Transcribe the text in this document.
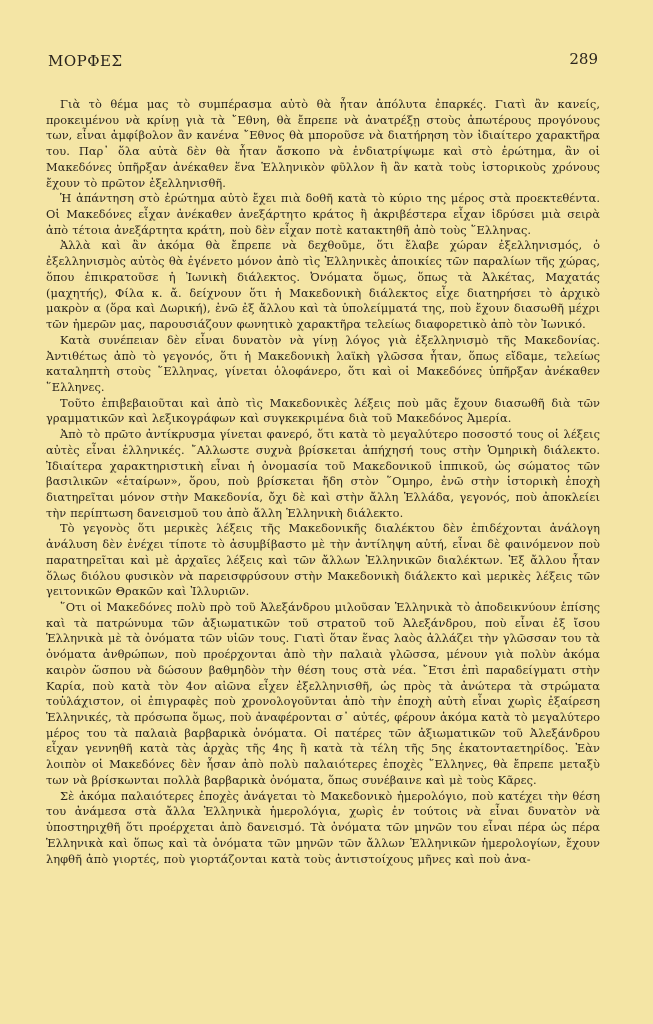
ΜΟΡΦΕΣ	289

Γιὰ τὸ θέμα μας τὸ συμπέρασμα αὐτὸ θὰ ἦταν ἀπόλυτα ἐπαρκές. Γιατὶ ἂν κανείς, προκειμένου νὰ κρίνῃ γιὰ τὰ ῎Εθνη, θὰ ἔπρεπε νὰ ἀνατρέξῃ στοὺς ἀπωτέρους προγόνους των, εἶναι ἀμφίβολον ἂν κανένα ῎Εθνος θὰ μποροῦσε νὰ διατήρηση τὸν ἰδιαίτερο χαρακτῆρα του. Παρ᾿ ὅλα αὐτὰ δὲν θὰ ἦταν ἄσκοπο νὰ ἐνδιατρίψωμε καὶ στὸ ἐρώτημα, ἂν οἱ Μακεδόνες ὑπῆρξαν ἀνέκαθεν ἕνα Ἑλληνικὸν φῦλλον ἢ ἂν κατὰ τοὺς ἱστορικοὺς χρόνους ἔχουν τὸ πρῶτον ἐξελληνισθῆ.

Ἡ ἀπάντηση στὸ ἐρώτημα αὐτὸ ἔχει πιὰ δοθῆ κατὰ τὸ κύριο της μέρος στὰ προεκτεθέντα. Οἱ Μακεδόνες εἶχαν ἀνέκαθεν ἀνεξάρτητο κράτος ἢ ἀκριβέστερα εἶχαν ἱδρύσει μιὰ σειρὰ ἀπὸ τέτοια ἀνεξάρτητα κράτη, ποὺ δὲν εἶχαν ποτὲ κατακτηθῆ ἀπὸ τοὺς ῞Ελληνας.

Ἀλλὰ καὶ ἂν ἀκόμα θὰ ἔπρεπε νὰ δεχθοῦμε, ὅτι ἔλαβε χώραν ἐξελληνισμός, ὁ ἐξελληνισμὸς αὐτὸς θὰ ἐγένετο μόνον ἀπὸ τὶς Ἑλληνικὲς ἀποικίες τῶν παραλίων τῆς χώρας, ὅπου ἐπικρατοῦσε ἡ Ἰωνικὴ διάλεκτος. Ὀνόματα ὅμως, ὅπως τὰ Ἀλκέτας, Μαχατάς (μαχητής), Φίλα κ. ἄ. δείχνουν ὅτι ἡ Μακεδονικὴ διάλεκτος εἶχε διατηρήσει τὸ ἀρχικὸ μακρὸν α (ὅρα καὶ Δωρική), ἐνῶ ἐξ ἄλλου καὶ τὰ ὑπολείμματά της, ποὺ ἔχουν διασωθῆ μέχρι τῶν ἡμερῶν μας, παρουσιάζουν φωνητικὸ χαρακτῆρα τελείως διαφορετικὸ ἀπὸ τὸν Ἰωνικό.

Κατὰ συνέπειαν δὲν εἶναι δυνατὸν νὰ γίνῃ λόγος γιὰ ἐξελληνισμὸ τῆς Μακεδονίας. Ἀντιθέτως ἀπὸ τὸ γεγονός, ὅτι ἡ Μακεδονικὴ λαϊκὴ γλῶσσα ἦταν, ὅπως εἴδαμε, τελείως καταληπτὴ στοὺς ῞Ελληνας, γίνεται ὁλοφάνερο, ὅτι καὶ οἱ Μακεδόνες ὑπῆρξαν ἀνέκαθεν ῞Ελληνες.

Τοῦτο ἐπιβεβαιοῦται καὶ ἀπὸ τὶς Μακεδονικὲς λέξεις ποὺ μᾶς ἔχουν διασωθῆ διὰ τῶν γραμματικῶν καὶ λεξικογράφων καὶ συγκεκριμένα διὰ τοῦ Μακεδόνος Ἀμερία.

Ἀπὸ τὸ πρῶτο ἀντίκρυσμα γίνεται φανερό, ὅτι κατὰ τὸ μεγαλύτερο ποσοστό τους οἱ λέξεις αὐτὲς εἶναι ἑλληνικές. ῎Αλλωστε συχνὰ βρίσκεται ἀπήχησή τους στὴν Ὁμηρικὴ διάλεκτο. Ἰδιαίτερα χαρακτηριστικὴ εἶναι ἡ ὀνομασία τοῦ Μακεδονικοῦ ἱππικοῦ, ὡς σώματος τῶν βασιλικῶν «ἑταίρων», ὅρου, ποὺ βρίσκεται ἤδη στὸν ῞Ομηρο, ἐνῶ στὴν ἱστορικὴ ἐποχὴ διατηρεῖται μόνον στὴν Μακεδονία, ὄχι δὲ καὶ στὴν ἄλλη Ἑλλάδα, γεγονός, ποὺ ἀποκλείει τὴν περίπτωση δανεισμοῦ του ἀπὸ ἄλλη Ἑλληνικὴ διάλεκτο.

Τὸ γεγονὸς ὅτι μερικὲς λέξεις τῆς Μακεδονικῆς διαλέκτου δὲν ἐπιδέχονται ἀνάλογη ἀνάλυση δὲν ἐνέχει τίποτε τὸ ἀσυμβίβαστο μὲ τὴν ἀντίληψη αὐτή, εἶναι δὲ φαινόμενον ποὺ παρατηρεῖται καὶ μὲ ἀρχαῖες λέξεις καὶ τῶν ἄλλων Ἑλληνικῶν διαλέκτων. Ἐξ ἄλλου ἦταν ὅλως διόλου φυσικὸν νὰ παρεισφρύσουν στὴν Μακεδονικὴ διάλεκτο καὶ μερικὲς λέξεις τῶν γειτονικῶν Θρακῶν καὶ Ἰλλυριῶν.

῞Οτι οἱ Μακεδόνες πολὺ πρὸ τοῦ Ἀλεξάνδρου μιλοῦσαν Ἑλληνικὰ τὸ ἀποδεικνύουν ἐπίσης καὶ τὰ πατρώνυμα τῶν ἀξιωματικῶν τοῦ στρατοῦ τοῦ Ἀλεξάνδρου, ποὺ εἶναι ἐξ ἴσου Ἑλληνικὰ μὲ τὰ ὀνόματα τῶν υἱῶν τους. Γιατὶ ὅταν ἕνας λαὸς ἀλλάζει τὴν γλῶσσαν του τὰ ὀνόματα ἀνθρώπων, ποὺ προέρχονται ἀπὸ τὴν παλαιὰ γλῶσσα, μένουν γιὰ πολὺν ἀκόμα καιρὸν ὥσπου νὰ δώσουν βαθμηδὸν τὴν θέση τους στὰ νέα. ῎Ετσι ἐπὶ παραδείγματι στὴν Καρία, ποὺ κατὰ τὸν 4ον αἰῶνα εἶχεν ἐξελληνισθῆ, ὡς πρὸς τὰ ἀνώτερα τὰ στρώματα τοὐλάχιστον, οἱ ἐπιγραφὲς ποὺ χρονολογοῦνται ἀπὸ τὴν ἐποχὴ αὐτὴ εἶναι χωρὶς ἐξαίρεση Ἑλληνικές, τὰ πρόσωπα ὅμως, ποὺ ἀναφέρονται σ᾿ αὐτές, φέρουν ἀκόμα κατὰ τὸ μεγαλύτερο μέρος του τὰ παλαιὰ βαρβαρικὰ ὀνόματα. Οἱ πατέρες τῶν ἀξιωματικῶν τοῦ Ἀλεξάνδρου εἶχαν γεννηθῆ κατὰ τὰς ἀρχὰς τῆς 4ης ἢ κατὰ τὰ τέλη τῆς 5ης ἑκατονταετηρίδος. Ἐὰν λοιπὸν οἱ Μακεδόνες δὲν ἦσαν ἀπὸ πολὺ παλαιότερες ἐποχὲς ῞Ελληνες, θὰ ἔπρεπε μεταξὺ των νὰ βρίσκωνται πολλὰ βαρβαρικὰ ὀνόματα, ὅπως συνέβαινε καὶ μὲ τοὺς Κᾶρες.

Σὲ ἀκόμα παλαιότερες ἐποχὲς ἀνάγεται τὸ Μακεδονικὸ ἡμερολόγιο, ποὺ κατέχει τὴν θέση του ἀνάμεσα στὰ ἄλλα Ἑλληνικὰ ἡμερολόγια, χωρὶς ἐν τούτοις νὰ εἶναι δυνατὸν νὰ ὑποστηριχθῆ ὅτι προέρχεται ἀπὸ δανεισμό. Τὰ ὀνόματα τῶν μηνῶν του εἶναι πέρα ὡς πέρα Ἑλληνικὰ καὶ ὅπως καὶ τὰ ὀνόματα τῶν μηνῶν τῶν ἄλλων Ἑλληνικῶν ἡμερολογίων, ἔχουν ληφθῆ ἀπὸ γιορτές, ποὺ γιορτάζονται κατὰ τοὺς ἀντιστοίχους μῆνες καὶ ποὺ ἀνα-
